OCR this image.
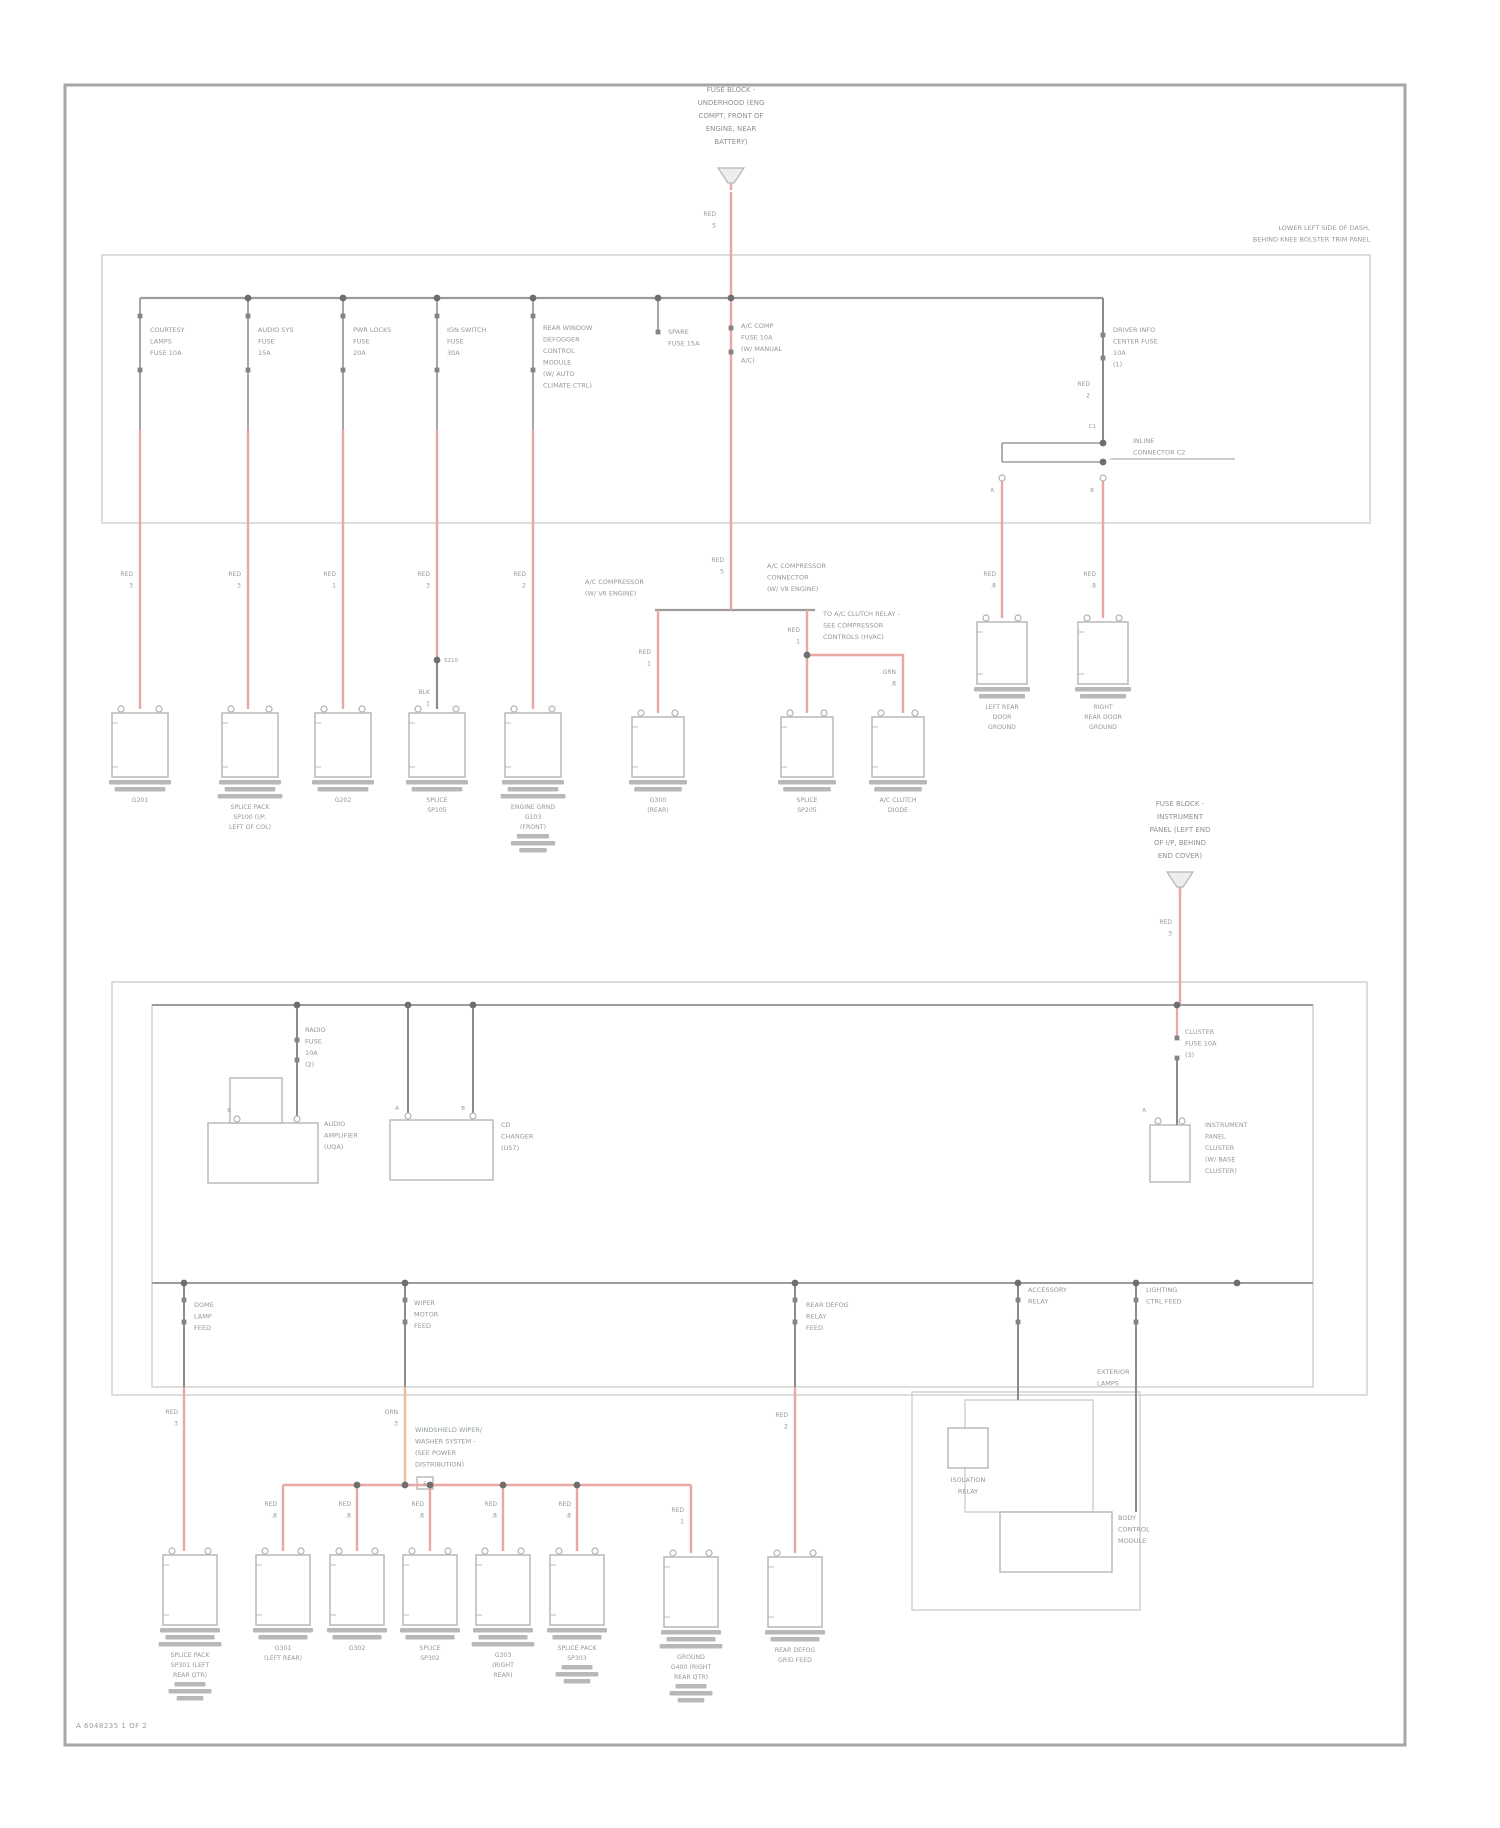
A 6048235 1 OF 2
G201
SPLICE PACK
SP100 (I/P,
LEFT OF COL)
G202	SPLICE
SP105	ENGINE GRND
G103
(FRONT)
G300
(REAR)
SPLICE
SP205
A/C CLUTCH
DIODE
LEFT REAR
DOOR
GROUND
RIGHT
REAR DOOR
GROUND
SPLICE PACK
SP301 (LEFT
REAR QTR)
G301
(LEFT REAR)
G302	SPLICE
SP302	G303
(RIGHT
REAR)
SPLICE PACK
SP303	GROUND
G400 (RIGHT
REAR QTR)
REAR DEFOG
GRID FEED
LOWER LEFT SIDE OF DASH,
BEHIND KNEE BOLSTER TRIM PANEL
COURTESY
LAMPS
FUSE 10A
AUDIO SYS
FUSE
15A
PWR LOCKS
FUSE
20A
IGN SWITCH
FUSE
30A
REAR WINDOW
DEFOGGER
CONTROL
MODULE
(W/ AUTO
CLIMATE CTRL)
SPARE
FUSE 15A
A/C COMP
FUSE 10A
(W/ MANUAL
A/C)
DRIVER INFO
CENTER FUSE
10A
(1)
RED
3
RED
3
RED
1
RED
3
RED
2
RED
.8
RED
.8
RED
5
RED
5
RED
3
RED
2
RED
1
RED
1
GRN
.8
BLK
1
S210
A/C COMPRESSOR
(W/ V6 ENGINE)
A/C COMPRESSOR
CONNECTOR
(W/ V8 ENGINE)
TO A/C CLUTCH RELAY -
SEE COMPRESSOR
CONTROLS (HVAC)
INLINE
CONNECTOR C2
A	B
C1
RADIO
FUSE
10A
(2)
AUDIO
AMPLIFIER
(UQA)
CD
CHANGER
(U57)
CLUSTER
FUSE 10A
(3)
INSTRUMENT
PANEL
CLUSTER
(W/ BASE
CLUSTER)
A	B	A
B
DOME
LAMP
FEED
WIPER
MOTOR
FEED
REAR DEFOG
RELAY
FEED
ACCESSORY
RELAY
LIGHTING
CTRL FEED
WINDSHIELD WIPER/
WASHER SYSTEM -
(SEE POWER
DISTRIBUTION)
5
RED
3
ORN
3
RED
2
RED
.8
RED
.8
RED
.8
RED
.8
RED
.8
RED
1
ISOLATION
RELAY
BODY
CONTROL
MODULE
EXTERIOR
LAMPS
FUSE BLOCK -
UNDERHOOD (ENG
COMPT, FRONT OF
ENGINE, NEAR
BATTERY)
FUSE BLOCK -
INSTRUMENT
PANEL (LEFT END
OF I/P, BEHIND
END COVER)
